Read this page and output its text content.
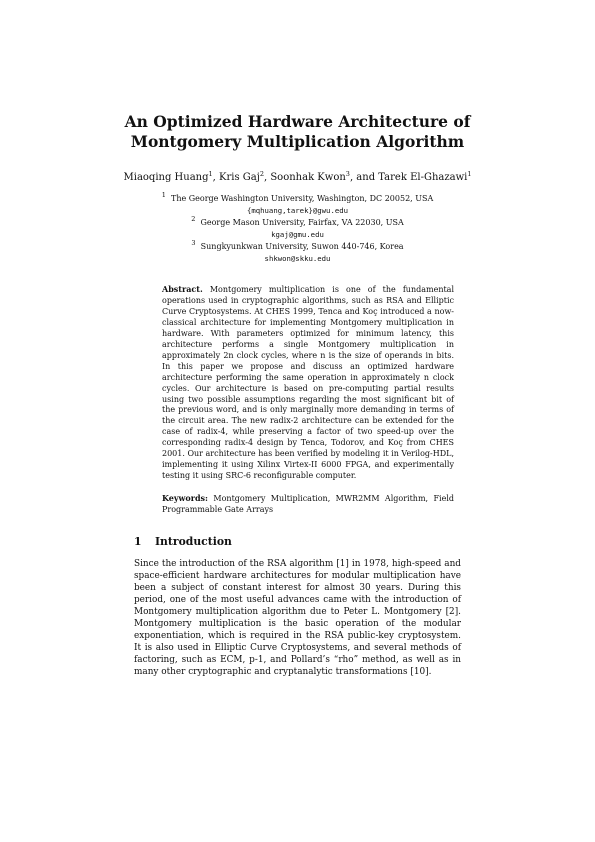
An Optimized Hardware Architecture of
Montgomery Multiplication Algorithm
Miaoqing Huang$^1$, Kris Gaj$^2$, Soonhak Kwon$^3$, and Tarek El-Ghazawi$^1$
$^1$ The George Washington University, Washington, DC 20052, USA
{mqhuang,tarek}@gwu.edu
$^2$ George Mason University, Fairfax, VA 22030, USA
kgaj@gmu.edu
$^3$ Sungkyunkwan University, Suwon 440-746, Korea
shkwon@skku.edu
Abstract. Montgomery multiplication is one of the fundamental operations used in cryptographic algorithms, such as RSA and Elliptic Curve Cryptosystems. At CHES 1999, Tenca and Koç introduced a now-classical architecture for implementing Montgomery multiplication in hardware. With parameters optimized for minimum latency, this architecture performs a single Montgomery multiplication in approximately 2n clock cycles, where n is the size of operands in bits. In this paper we propose and discuss an optimized hardware architecture performing the same operation in approximately n clock cycles. Our architecture is based on pre-computing partial results using two possible assumptions regarding the most significant bit of the previous word, and is only marginally more demanding in terms of the circuit area. The new radix-2 architecture can be extended for the case of radix-4, while preserving a factor of two speed-up over the corresponding radix-4 design by Tenca, Todorov, and Koç from CHES 2001. Our architecture has been verified by modeling it in Verilog-HDL, implementing it using Xilinx Virtex-II 6000 FPGA, and experimentally testing it using SRC-6 reconfigurable computer.
Keywords: Montgomery Multiplication, MWR2MM Algorithm, Field Programmable Gate Arrays
1 Introduction
Since the introduction of the RSA algorithm [1] in 1978, high-speed and space-efficient hardware architectures for modular multiplication have been a subject of constant interest for almost 30 years. During this period, one of the most useful advances came with the introduction of Montgomery multiplication algorithm due to Peter L. Montgomery [2]. Montgomery multiplication is the basic operation of the modular exponentiation, which is required in the RSA public-key cryptosystem. It is also used in Elliptic Curve Cryptosystems, and several methods of factoring, such as ECM, p-1, and Pollard’s “rho” method, as well as in many other cryptographic and cryptanalytic transformations [10].
